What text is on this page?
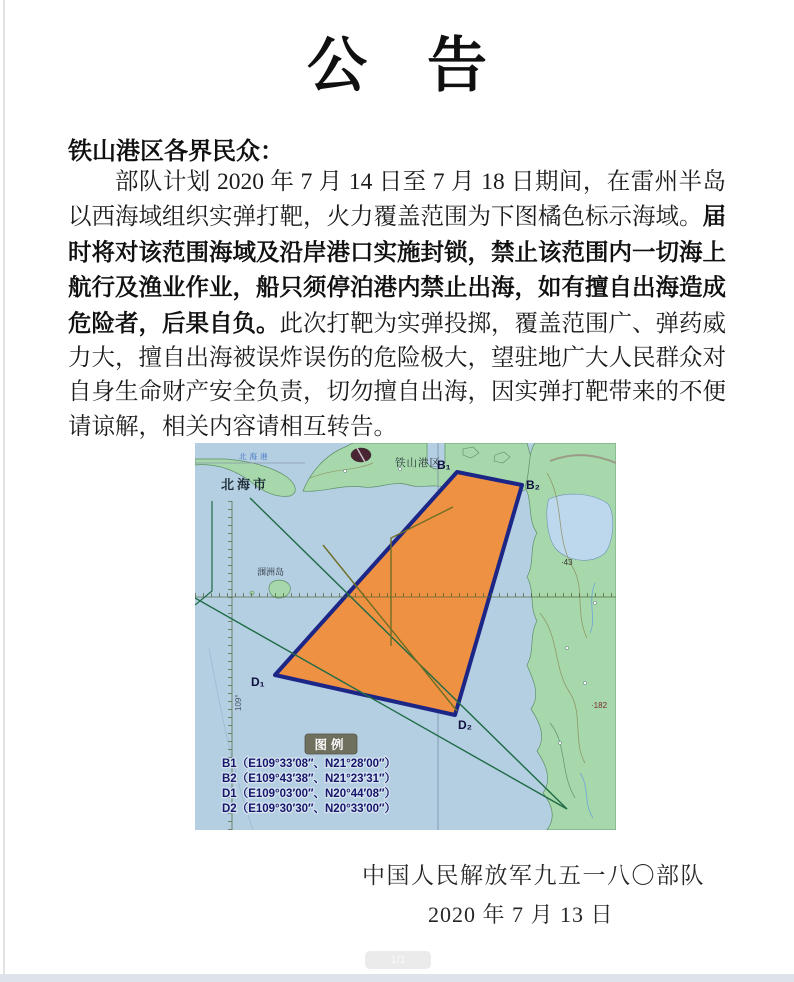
公　告
铁山港区各界民众：
部队计划 2020 年 7 月 14 日至 7 月 18 日期间，在雷州半岛以西海域组织实弹打靶，火力覆盖范围为下图橘色标示海域。届时将对该范围海域及沿岸港口实施封锁，禁止该范围内一切海上航行及渔业作业，船只须停泊港内禁止出海，如有擅自出海造成危险者，后果自负。此次打靶为实弹投掷，覆盖范围广、弹药威力大，擅自出海被误炸误伤的危险极大，望驻地广大人民群众对自身生命财产安全负责，切勿擅自出海，因实弹打靶带来的不便请谅解，相关内容请相互转告。
北海市
铁山港区
北海港
涠洲岛
·43
·182
109°
B₁
B₂
D₁
D₂
图例
B1（E109°33′08″、N21°28′00″）
B2（E109°43′38″、N21°23′31″）
D1（E109°03′00″、N20°44′08″）
D2（E109°30′30″、N20°33′00″）
中国人民解放军九五一八〇部队
2020 年 7 月 13 日
1/1
